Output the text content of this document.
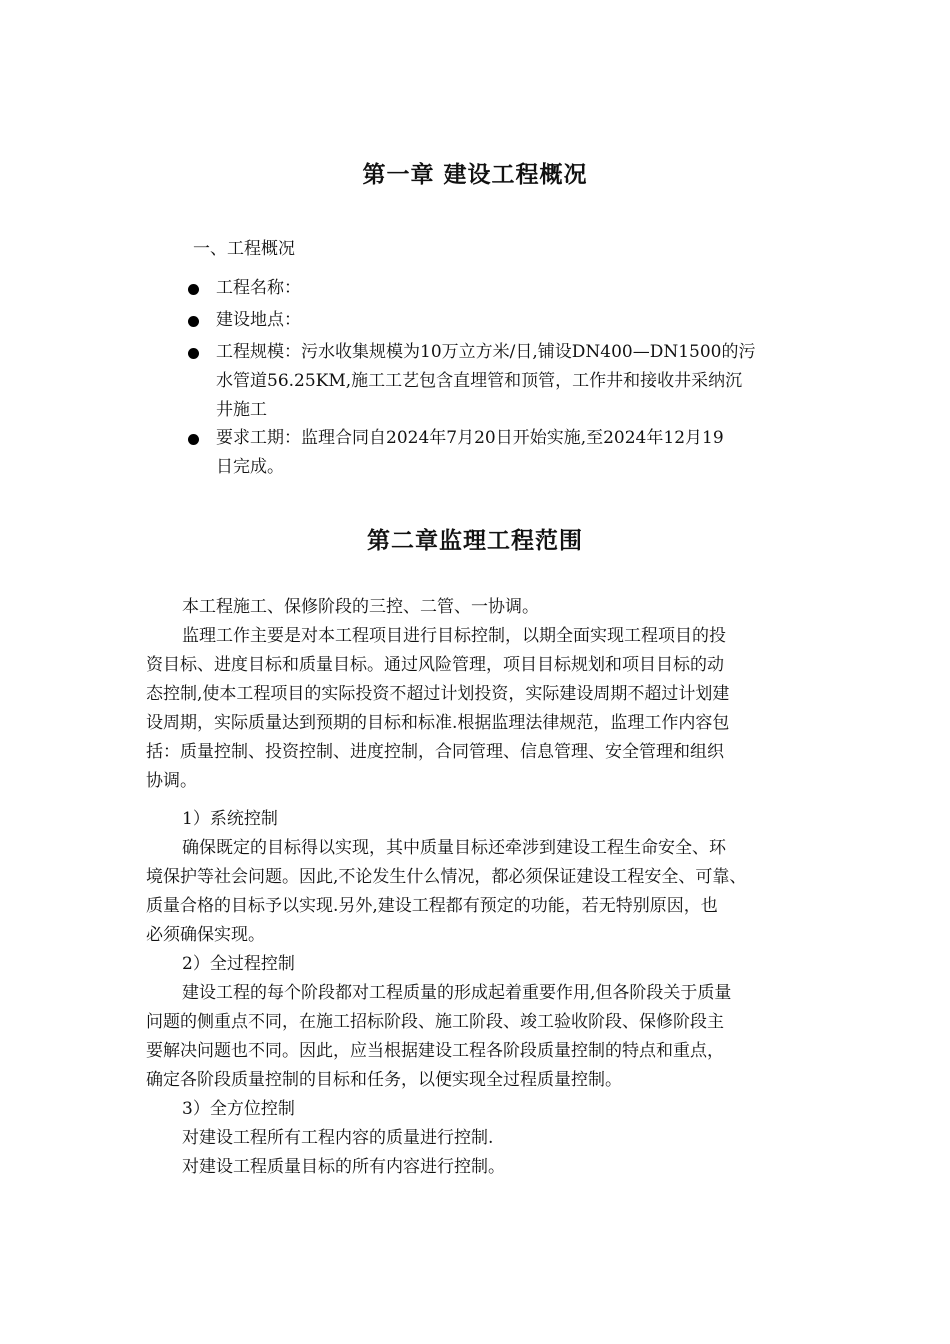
第一章 建设工程概况
一、工程概况
工程名称：
建设地点：
工程规模：污水收集规模为10万立方米/日,铺设DN400—DN1500的污
水管道56.25KM,施工工艺包含直埋管和顶管，工作井和接收井采纳沉
井施工
要求工期：监理合同自2024年7月20日开始实施,至2024年12月19
日完成。
第二章监理工程范围
本工程施工、保修阶段的三控、二管、一协调。
监理工作主要是对本工程项目进行目标控制，以期全面实现工程项目的投
资目标、进度目标和质量目标。通过风险管理，项目目标规划和项目目标的动
态控制,使本工程项目的实际投资不超过计划投资，实际建设周期不超过计划建
设周期，实际质量达到预期的目标和标准.根据监理法律规范，监理工作内容包
括：质量控制、投资控制、进度控制，合同管理、信息管理、安全管理和组织
协调。
1）系统控制
确保既定的目标得以实现，其中质量目标还牵涉到建设工程生命安全、环
境保护等社会问题。因此,不论发生什么情况，都必须保证建设工程安全、可靠、
质量合格的目标予以实现.另外,建设工程都有预定的功能，若无特别原因，也
必须确保实现。
2）全过程控制
建设工程的每个阶段都对工程质量的形成起着重要作用,但各阶段关于质量
问题的侧重点不同，在施工招标阶段、施工阶段、竣工验收阶段、保修阶段主
要解决问题也不同。因此，应当根据建设工程各阶段质量控制的特点和重点，
确定各阶段质量控制的目标和任务，以便实现全过程质量控制。
3）全方位控制
对建设工程所有工程内容的质量进行控制.
对建设工程质量目标的所有内容进行控制。
